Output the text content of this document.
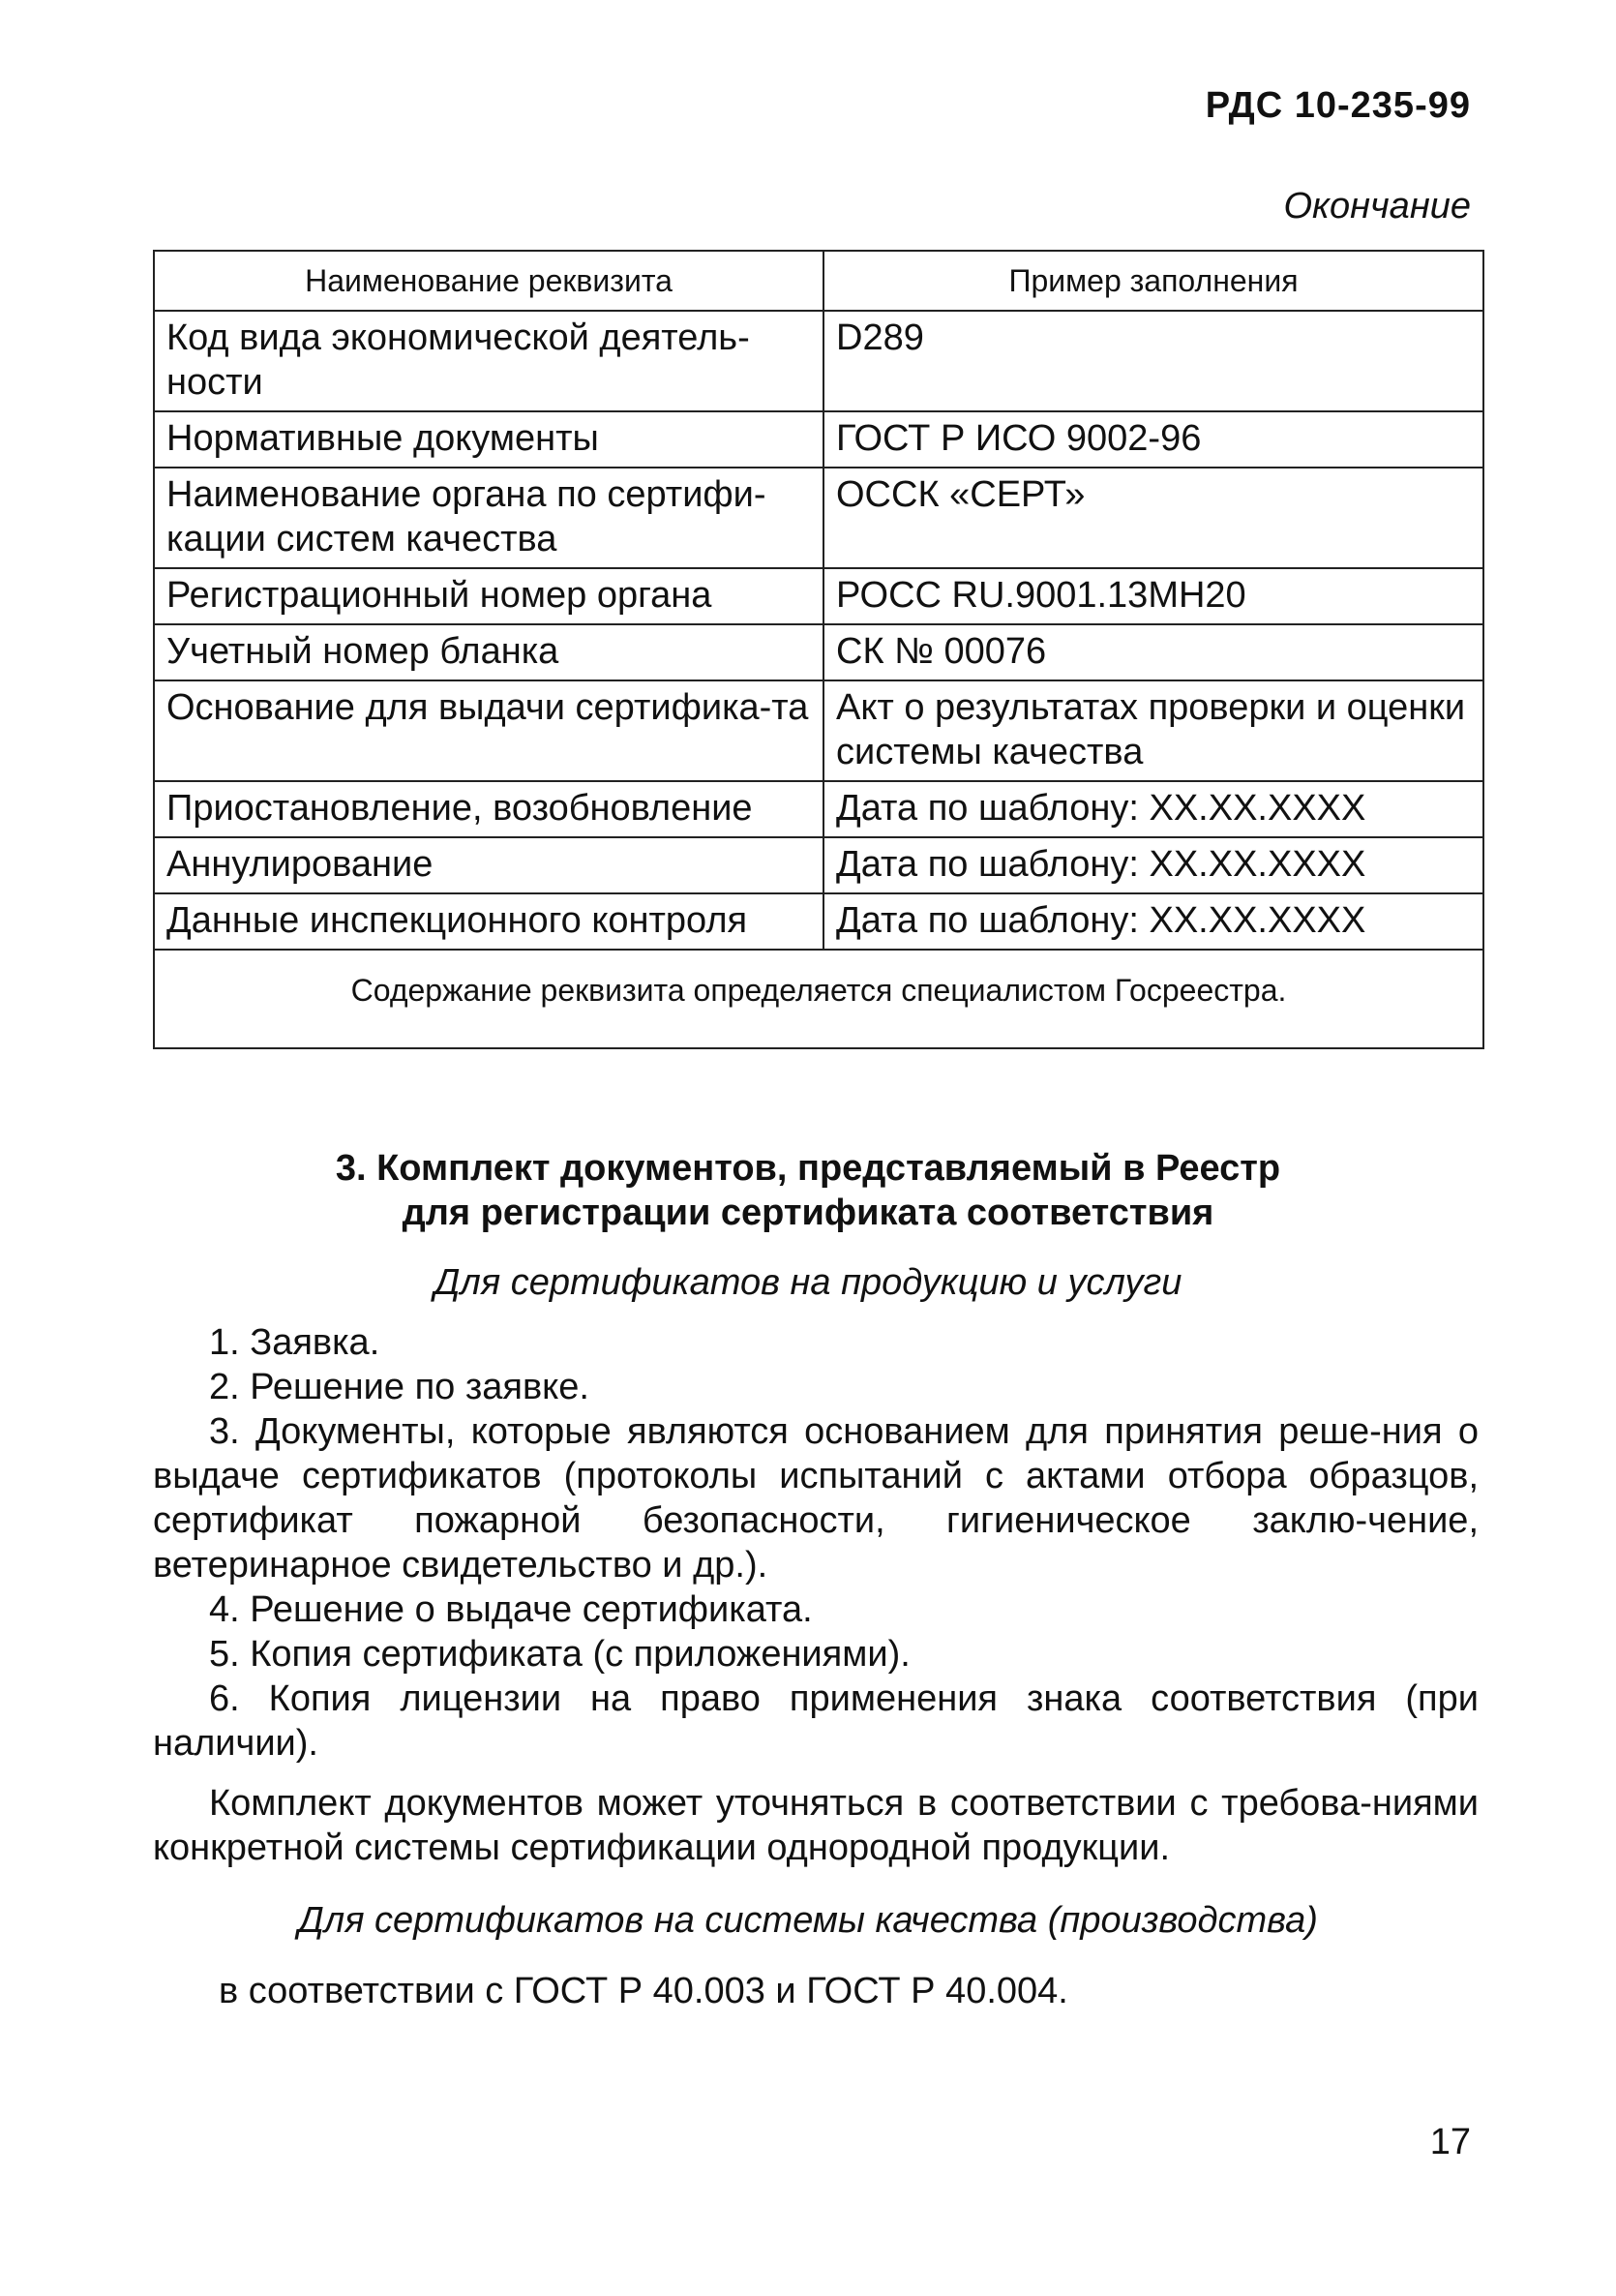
РДС 10-235-99
Окончание
Наименование реквизита	Пример заполнения
Код вида экономической деятель-ности	D289
Нормативные документы	ГОСТ Р ИСО 9002-96
Наименование органа по сертифи-кации систем качества	ОССК «СЕРТ»
Регистрационный номер органа	РОСС RU.9001.13МН20
Учетный номер бланка	СК № 00076
Основание для выдачи сертифика-та	Акт о результатах проверки и оценки системы качества
Приостановление, возобновление	Дата по шаблону: ХХ.ХХ.ХХХХ
Аннулирование	Дата по шаблону: ХХ.ХХ.ХХХХ
Данные инспекционного контроля	Дата по шаблону: ХХ.ХХ.ХХХХ
Содержание реквизита определяется специалистом Госреестра.	
3. Комплект документов, представляемый в Реестр
для регистрации сертификата соответствия
Для сертификатов на продукцию и услуги

1. Заявка.

2. Решение по заявке.

3. Документы, которые являются основанием для принятия реше-ния о выдаче сертификатов (протоколы испытаний с актами отбора образцов, сертификат пожарной безопасности, гигиеническое заклю-чение, ветеринарное свидетельство и др.).

4. Решение о выдаче сертификата.

5. Копия сертификата (с приложениями).

6. Копия лицензии на право применения знака соответствия (при наличии).

Комплект документов может уточняться в соответствии с требова-ниями конкретной системы сертификации однородной продукции.

Для сертификатов на системы качества (производства)
в соответствии с ГОСТ Р 40.003 и ГОСТ Р 40.004.
17
